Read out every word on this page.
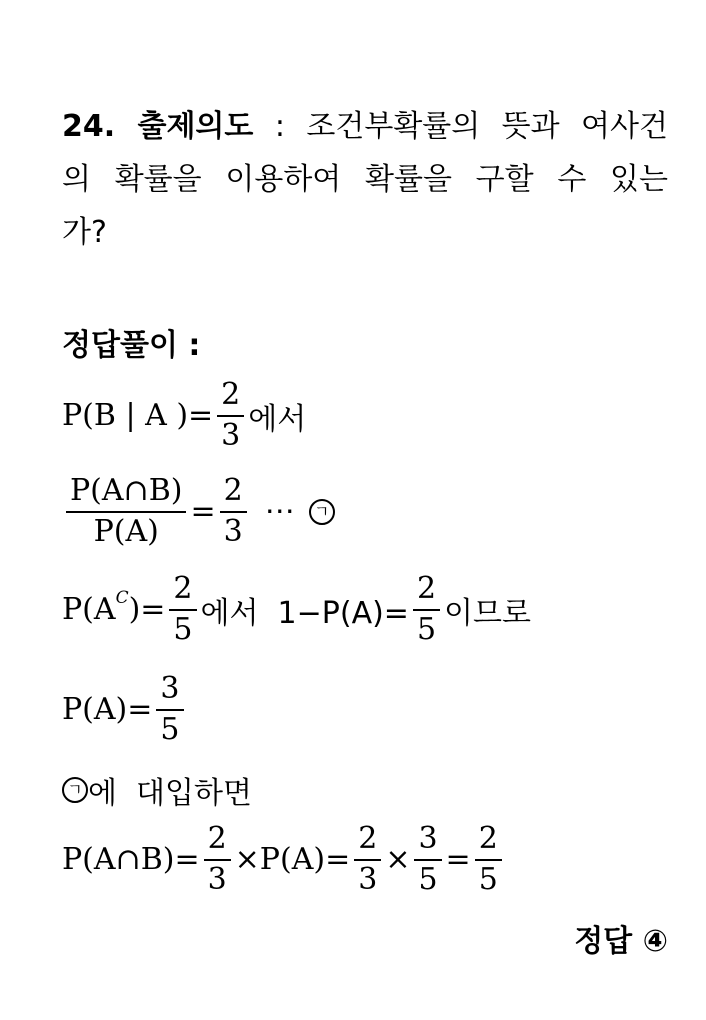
24. 출제의도 : 조건부확률의 뜻과 여사건의 확률을 이용하여 확률을 구할 수 있는가?
정답풀이 :
P(B | A )= $\frac{2}{3}$ 에서
$\frac{P(A\cap B)}{P(A)} = \frac{2}{3}$ ⋯	ㄱ
P(A C )= $\frac{2}{5}$ 에서  $1-P(A)= \frac{2}{5}$ 이므로
$P(A)= \frac{3}{5}$
ㄱ 에  대입하면
P(A∩B)= $\frac{2}{3} \times P(A)= \frac{2}{3} \times \frac{3}{5} = \frac{2}{5}$
정답 ④
